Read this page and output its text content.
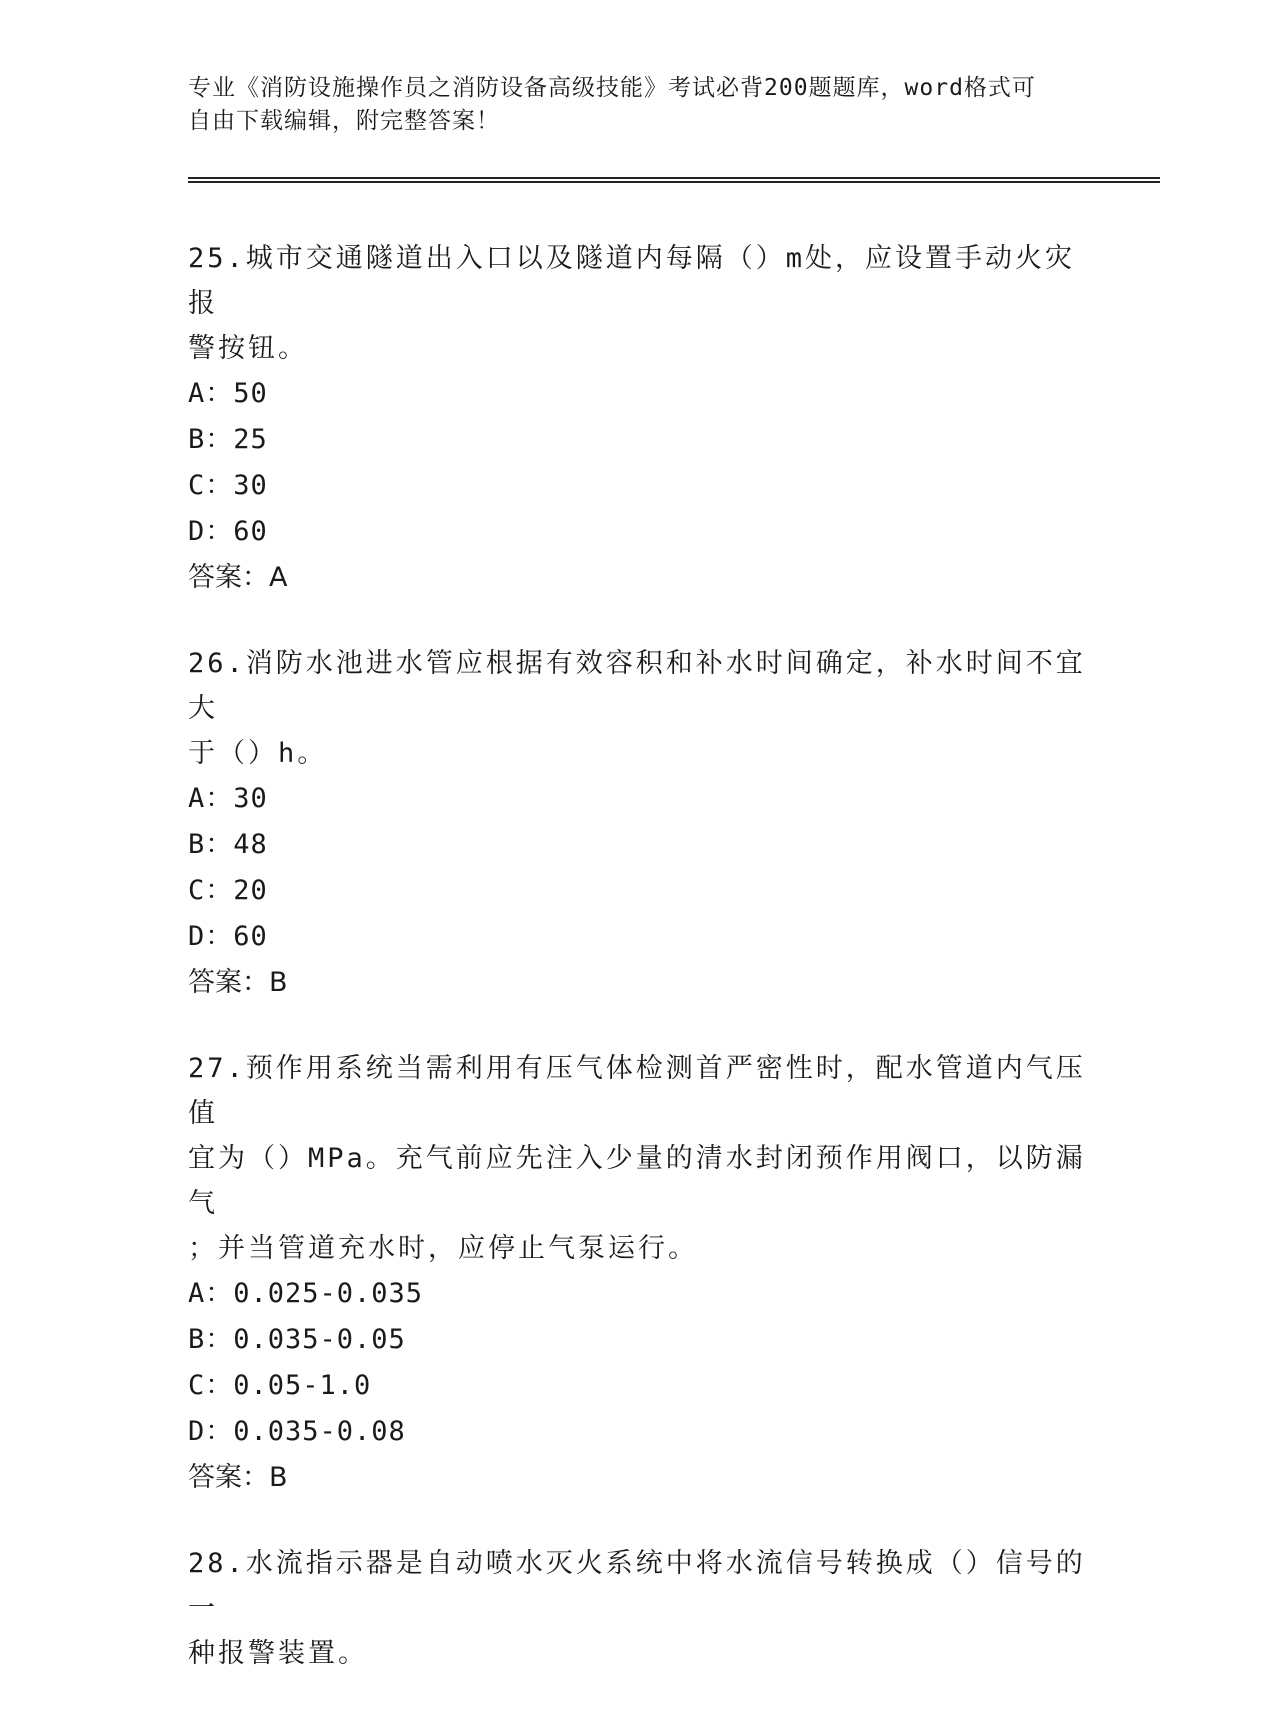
专业《消防设施操作员之消防设备高级技能》考试必背200题题库，word格式可
自由下载编辑，附完整答案！

25.城市交通隧道出入口以及隧道内每隔（）m处，应设置手动火灾报

警按钮。

A：50

B：25

C：30

D：60

答案：A

26.消防水池进水管应根据有效容积和补水时间确定，补水时间不宜大

于（）h。

A：30

B：48

C：20

D：60

答案：B

27.预作用系统当需利用有压气体检测首严密性时，配水管道内气压值

宜为（）MPa。充气前应先注入少量的清水封闭预作用阀口，以防漏气

；并当管道充水时，应停止气泵运行。

A：0.025-0.035

B：0.035-0.05

C：0.05-1.0

D：0.035-0.08

答案：B

28.水流指示器是自动喷水灭火系统中将水流信号转换成（）信号的一

种报警装置。
